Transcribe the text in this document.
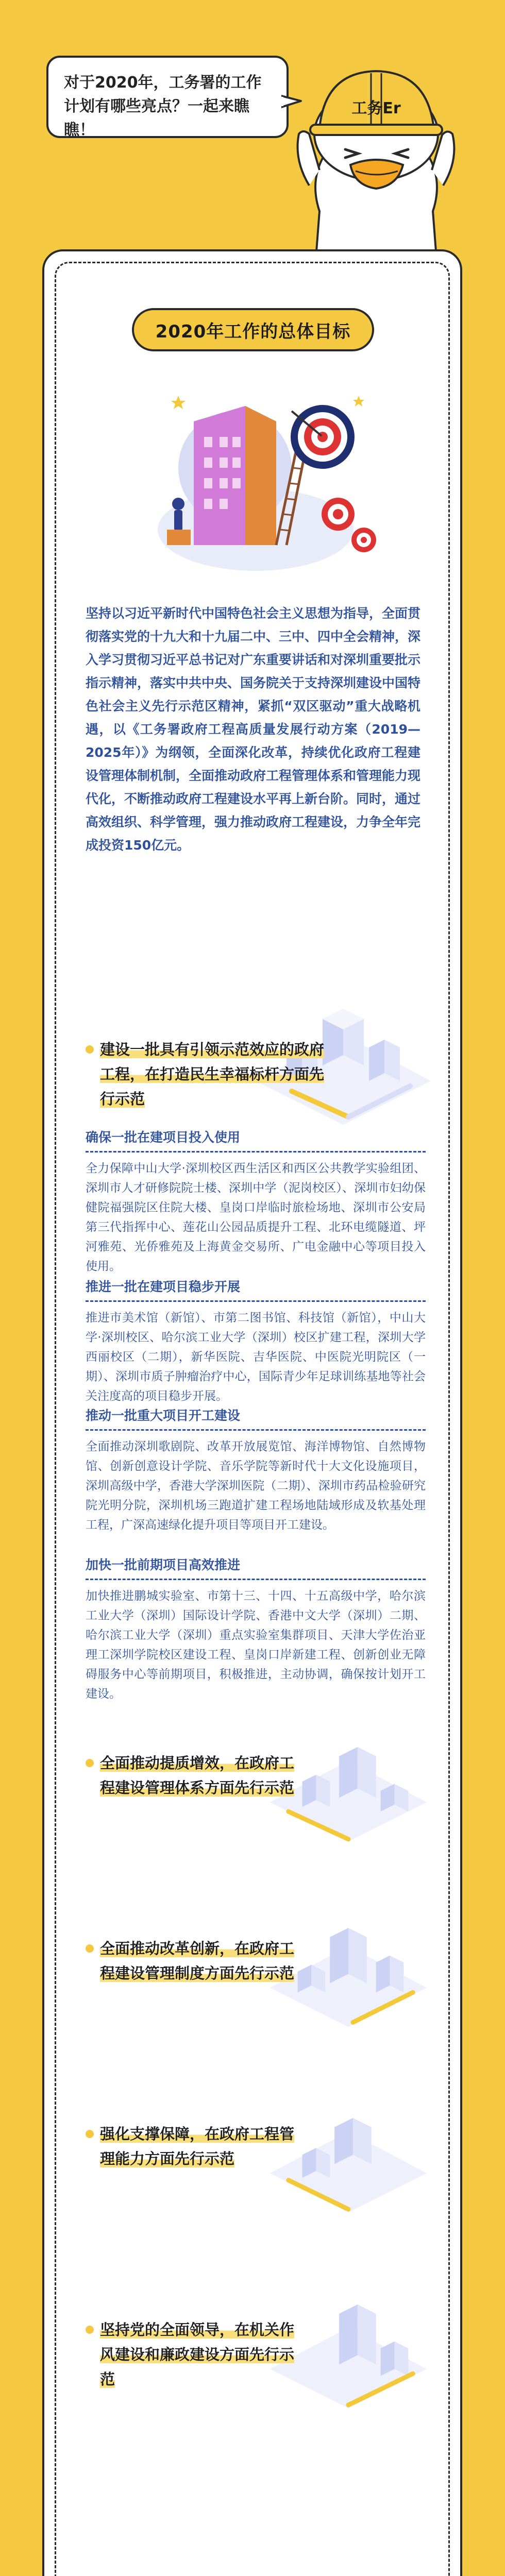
对于2020年，工务署的工作计划有哪些亮点？一起来瞧瞧！
工务Er
2020年工作的总体目标
坚持以习近平新时代中国特色社会主义思想为指导，全面贯彻落实党的十九大和十九届二中、三中、四中全会精神，深入学习贯彻习近平总书记对广东重要讲话和对深圳重要批示指示精神，落实中共中央、国务院关于支持深圳建设中国特色社会主义先行示范区精神，紧抓“双区驱动”重大战略机遇，以《工务署政府工程高质量发展行动方案（2019—2025年）》为纲领，全面深化改革，持续优化政府工程建设管理体制机制，全面推动政府工程管理体系和管理能力现代化，不断推动政府工程建设水平再上新台阶。同时，通过高效组织、科学管理，强力推动政府工程建设，力争全年完成投资150亿元。
建设一批具有引领示范效应的政府工程，在打造民生幸福标杆方面先行示范
确保一批在建项目投入使用
全力保障中山大学·深圳校区西生活区和西区公共教学实验组团、深圳市人才研修院院士楼、深圳中学（泥岗校区）、深圳市妇幼保健院福强院区住院大楼、皇岗口岸临时旅检场地、深圳市公安局第三代指挥中心、莲花山公园品质提升工程、北环电缆隧道、坪河雅苑、光侨雅苑及上海黄金交易所、广电金融中心等项目投入使用。
推进一批在建项目稳步开展
推进市美术馆（新馆）、市第二图书馆、科技馆（新馆），中山大学·深圳校区、哈尔滨工业大学（深圳）校区扩建工程，深圳大学西丽校区（二期），新华医院、吉华医院、中医院光明院区（一期）、深圳市质子肿瘤治疗中心，国际青少年足球训练基地等社会关注度高的项目稳步开展。
推动一批重大项目开工建设
全面推动深圳歌剧院、改革开放展览馆、海洋博物馆、自然博物馆、创新创意设计学院、音乐学院等新时代十大文化设施项目，深圳高级中学，香港大学深圳医院（二期）、深圳市药品检验研究院光明分院，深圳机场三跑道扩建工程场地陆域形成及软基处理工程，广深高速绿化提升项目等项目开工建设。
加快一批前期项目高效推进
加快推进鹏城实验室、市第十三、十四、十五高级中学，哈尔滨工业大学（深圳）国际设计学院、香港中文大学（深圳）二期、哈尔滨工业大学（深圳）重点实验室集群项目、天津大学佐治亚理工深圳学院校区建设工程、皇岗口岸新建工程、创新创业无障碍服务中心等前期项目，积极推进，主动协调，确保按计划开工建设。
全面推动提质增效，在政府工程建设管理体系方面先行示范
全面推动改革创新，在政府工程建设管理制度方面先行示范
强化支撑保障，在政府工程管理能力方面先行示范
坚持党的全面领导，在机关作风建设和廉政建设方面先行示范
